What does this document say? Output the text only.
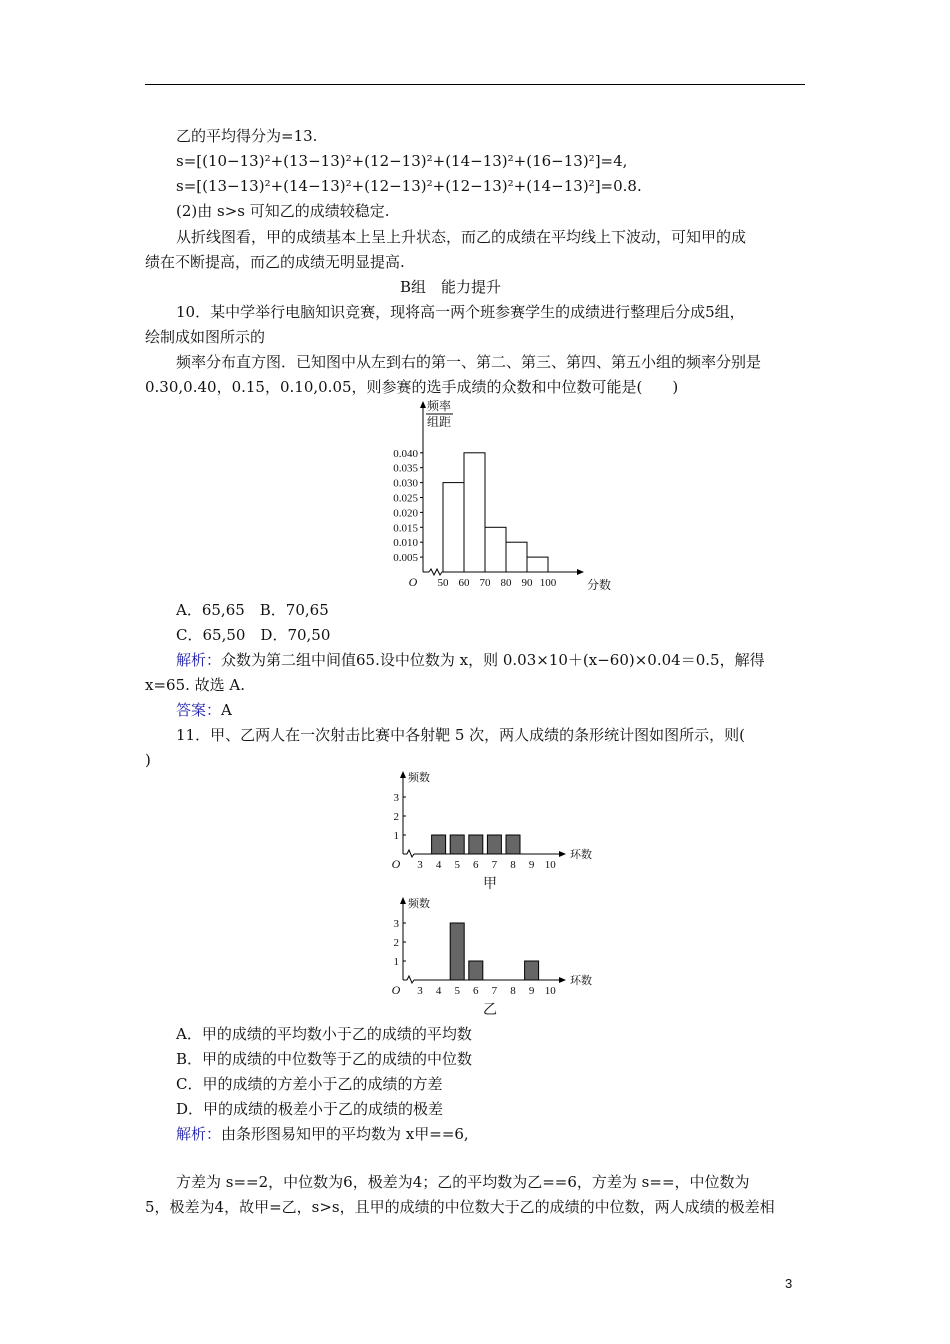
乙的平均得分为=13.
s=[(10−13)²+(13−13)²+(12−13)²+(14−13)²+(16−13)²]=4,
s=[(13−13)²+(14−13)²+(12−13)²+(12−13)²+(14−13)²]=0.8.
(2)由 s>s 可知乙的成绩较稳定.
从折线图看，甲的成绩基本上呈上升状态，而乙的成绩在平均线上下波动，可知甲的成
绩在不断提高，而乙的成绩无明显提高.
B组　能力提升
10．某中学举行电脑知识竞赛，现将高一两个班参赛学生的成绩进行整理后分成5组，
绘制成如图所示的
频率分布直方图．已知图中从左到右的第一、第二、第三、第四、第五小组的频率分别是
0.30,0.40，0.15，0.10,0.05，则参赛的选手成绩的众数和中位数可能是(　　)
频率
组距
0.005
0.010
0.015
0.020
0.025
0.030
0.035
0.040
50 60 70 80 90 100
O	分数
A．65,65　B．70,65
C．65,50　D．70,50
解析：众数为第二组中间值65.设中位数为 x，则 0.03×10＋(x−60)×0.04＝0.5，解得
x=65. 故选 A.
答案：A
11．甲、乙两人在一次射击比赛中各射靶 5 次，两人成绩的条形统计图如图所示，则(
)
频数
环数
1
2
3
3 4 5 6 7 8 9 10
O
甲
频数
环数
1
2
3
3 4 5 6 7 8 9 10
O
乙
A．甲的成绩的平均数小于乙的成绩的平均数
B．甲的成绩的中位数等于乙的成绩的中位数
C．甲的成绩的方差小于乙的成绩的方差
D．甲的成绩的极差小于乙的成绩的极差
解析：由条形图易知甲的平均数为 x甲==6,
方差为 s==2，中位数为6，极差为4；乙的平均数为乙==6，方差为 s==，中位数为
5，极差为4，故甲=乙，s>s，且甲的成绩的中位数大于乙的成绩的中位数，两人成绩的极差相
3
